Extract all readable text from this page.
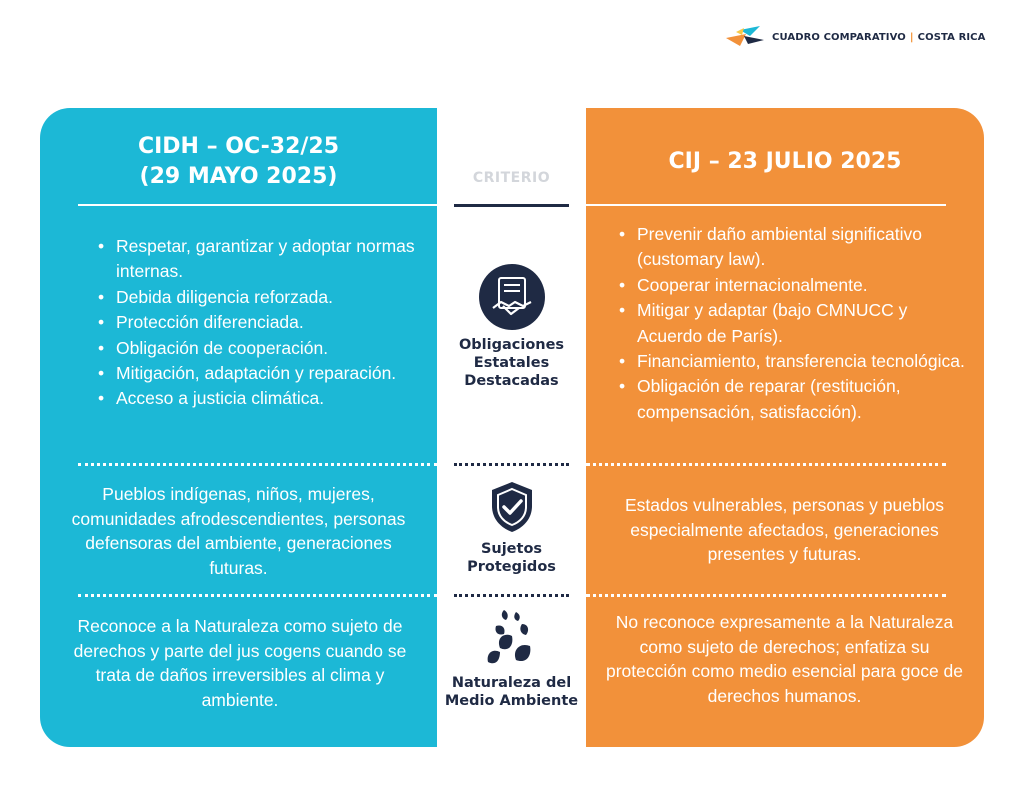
CUADRO COMPARATIVO | COSTA RICA
CIDH – OC-32/25
(29 MAYO 2025)	CRITERIO
CIJ – 23 JULIO 2025
• Respetar, garantizar y adoptar normas internas.
• Debida diligencia reforzada.
• Protección diferenciada.
• Obligación de cooperación.
• Mitigación, adaptación y reparación.
• Acceso a justicia climática.
Obligaciones Estatales Destacadas
• Prevenir daño ambiental significativo (customary law).
• Cooperar internacionalmente.
• Mitigar y adaptar (bajo CMNUCC y Acuerdo de París).
• Financiamiento, transferencia tecnológica.
• Obligación de reparar (restitución, compensación, satisfacción).
Pueblos indígenas, niños, mujeres, comunidades afrodescendientes, personas defensoras del ambiente, generaciones futuras.
Sujetos Protegidos
Estados vulnerables, personas y pueblos especialmente afectados, generaciones presentes y futuras.
Reconoce a la Naturaleza como sujeto de derechos y parte del jus cogens cuando se trata de daños irreversibles al clima y ambiente.
Naturaleza del Medio Ambiente
No reconoce expresamente a la Naturaleza como sujeto de derechos; enfatiza su protección como medio esencial para goce de derechos humanos.
